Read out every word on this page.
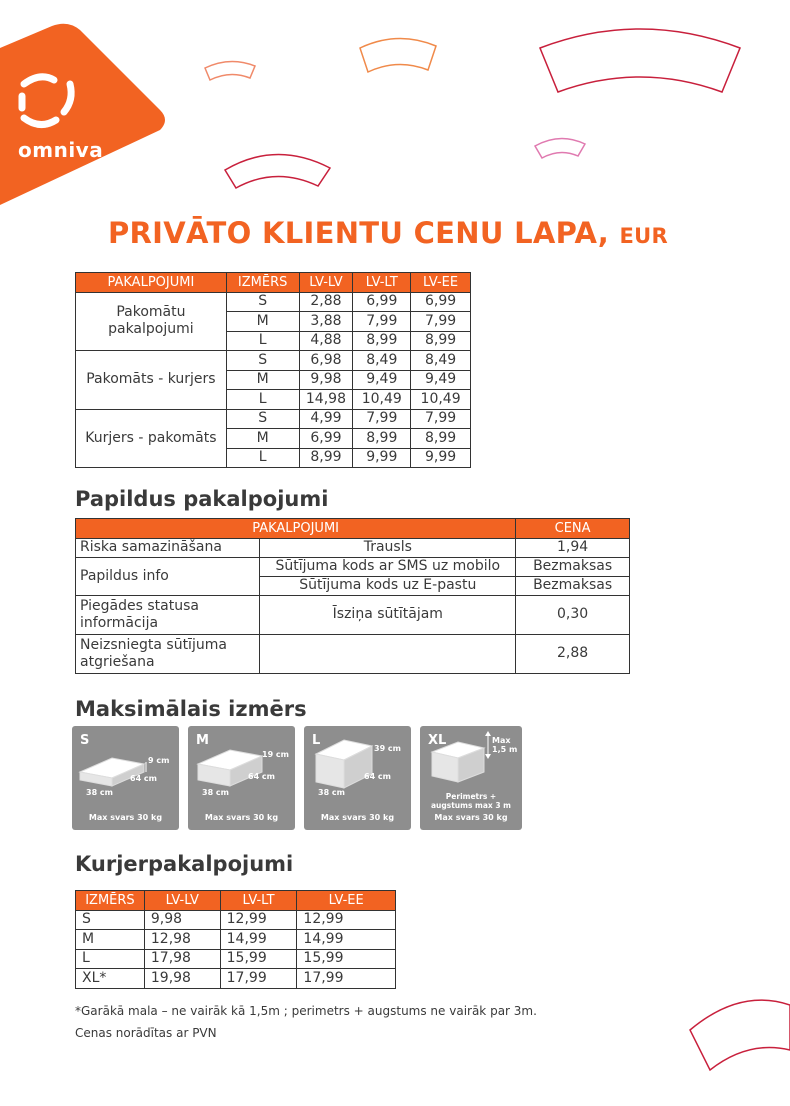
omniva
PRIVĀTO KLIENTU CENU LAPA, EUR
PAKALPOJUMI	IZMĒRS	LV-LV	LV-LT	LV-EE
Pakomātu pakalpojumi	S	2,88	6,99	6,99
	M	3,88	7,99	7,99
	L	4,88	8,99	8,99
Pakomāts - kurjers	S	6,98	8,49	8,49
	M	9,98	9,49	9,49
	L	14,98	10,49	10,49
Kurjers - pakomāts	S	4,99	7,99	7,99
	M	6,99	8,99	8,99
	L	8,99	9,99	9,99
Papildus pakalpojumi
PAKALPOJUMI		CENA
Riska samazināšana	Trausls	1,94
Papildus info	Sūtījuma kods ar SMS uz mobilo	Bezmaksas
	Sūtījuma kods uz E-pastu	Bezmaksas
Piegādes statusa informācija	Īsziņa sūtītājam	0,30
Neizsniegta sūtījuma atgriešana		2,88
Maksimālais izmērs
S
9 cm
64 cm
38 cm
Max svars 30 kg
M
19 cm
64 cm
38 cm
Max svars 30 kg
L
39 cm
64 cm
38 cm
Max svars 30 kg
XL	Max 1,5 m
Perimetrs +
augstums max 3 m
Max svars 30 kg
Kurjerpakalpojumi
IZMĒRS	LV-LV	LV-LT	LV-EE
S	9,98	12,99	12,99
M	12,98	14,99	14,99
L	17,98	15,99	15,99
XL*	19,98	17,99	17,99
*Garākā mala – ne vairāk kā 1,5m ; perimetrs + augstums ne vairāk par 3m.
Cenas norādītas ar PVN
